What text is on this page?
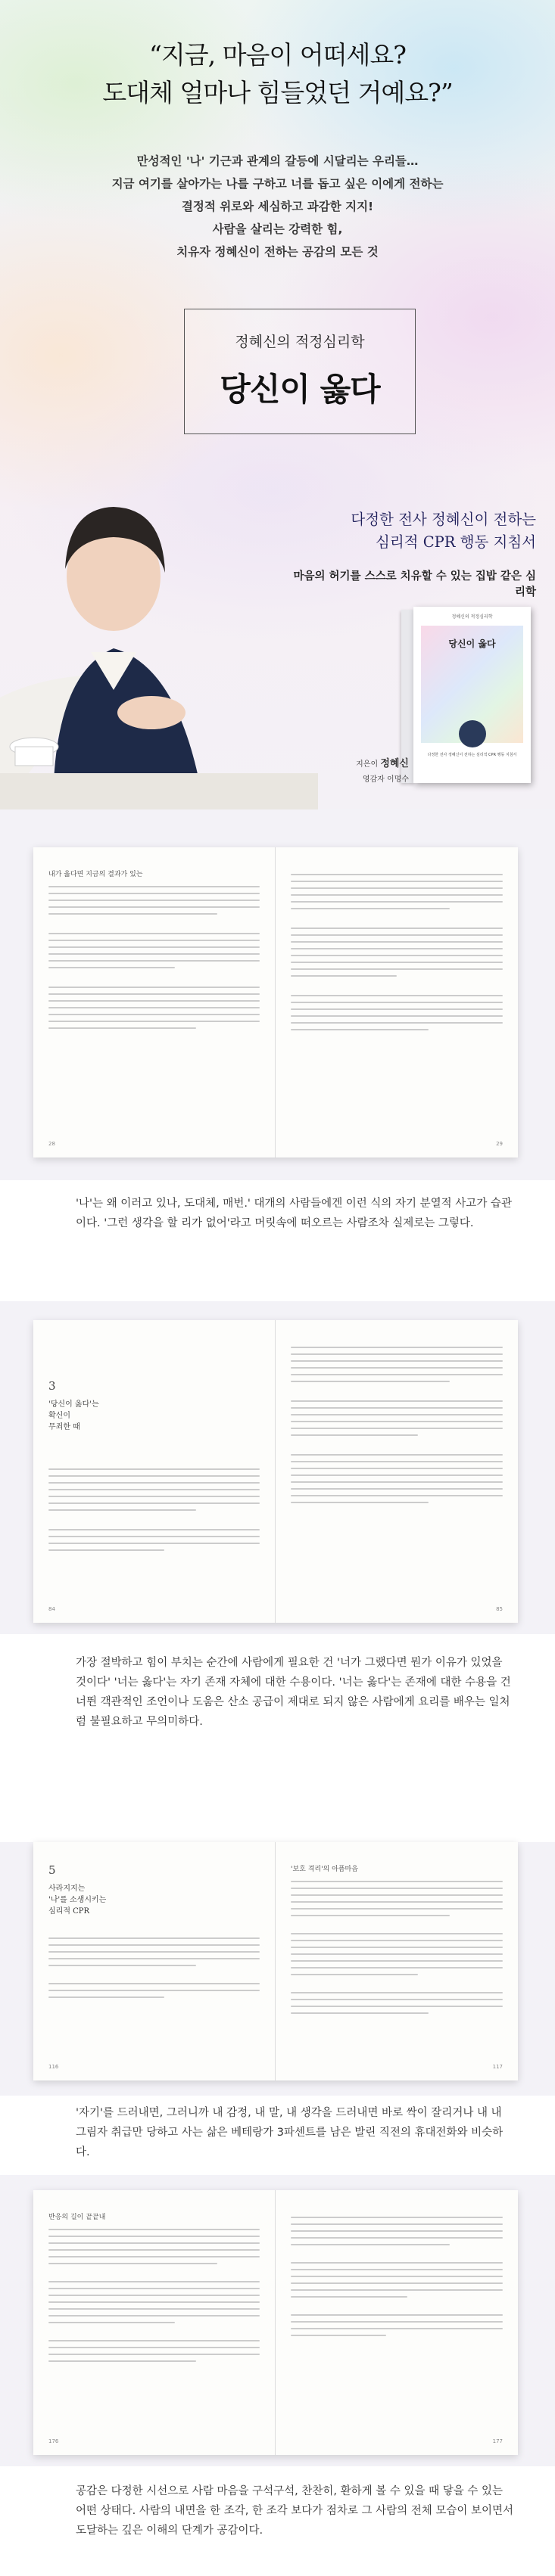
“지금, 마음이 어떠세요?
도대체 얼마나 힘들었던 거예요?”
만성적인 '나' 기근과 관계의 갈등에 시달리는 우리들…
지금 여기를 살아가는 나를 구하고 너를 돕고 싶은 이에게 전하는
결정적 위로와 세심하고 과감한 지지!
사람을 살리는 강력한 힘,
치유자 정혜신이 전하는 공감의 모든 것
정혜신의 적정심리학
당신이 옳다
다정한 전사 정혜신이 전하는
심리적 CPR 행동 지침서
마음의 허기를 스스로 치유할 수 있는 집밥 같은 심리학
정혜신의 적정심리학
당신이 옳다
다정한 전사 정혜신이 전하는 심리적 CPR 행동 지침서
지은이 정혜신
영감자 이명수
내가 옳다면 지금의 결과가 있는
28	29

'나'는 왜 이러고 있나, 도대체, 매번.' 대개의 사람들에겐 이런 식의 자기 분열적 사고가 습관이다. '그런 생각을 할 리가 없어'라고 머릿속에 떠오르는 사람조차 실제로는 그렇다.

3
'당신이 옳다'는
확신이
무죄한 때
84	85

가장 절박하고 힘이 부치는 순간에 사람에게 필요한 건 '너가 그랬다면 뭔가 이유가 있었을 것이다' '너는 옳다'는 자기 존재 자체에 대한 수용이다. '너는 옳다'는 존재에 대한 수용을 건너뛴 객관적인 조언이나 도움은 산소 공급이 제대로 되지 않은 사람에게 요리를 배우는 일처럼 불필요하고 무의미하다.

5
사라지지는
'나'를 소생시키는
심리적 CPR
116
'보호 격리'의 아픔마음
117

'자기'를 드러내면, 그러니까 내 감정, 내 말, 내 생각을 드러내면 바로 싹이 잘리거나 내 내 그림자 취급만 당하고 사는 삶은 베테랑가 3파센트를 남은 발린 직전의 휴대전화와 비슷하다.

반응의 길이 끝끝내
176	177

공감은 다정한 시선으로 사람 마음을 구석구석, 찬찬히, 환하게 볼 수 있을 때 닿을 수 있는 어떤 상태다. 사람의 내면을 한 조각, 한 조각 보다가 점차로 그 사람의 전체 모습이 보이면서 도달하는 깊은 이해의 단계가 공감이다.
